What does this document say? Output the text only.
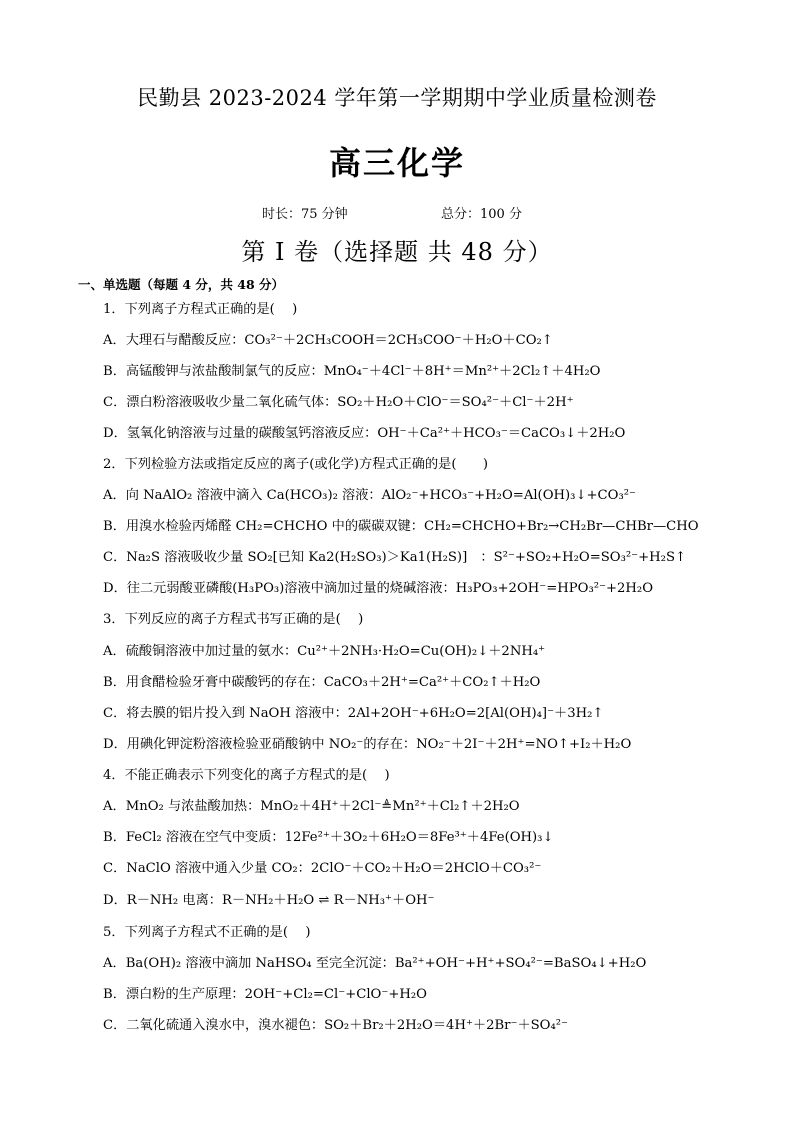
民勤县 2023-2024 学年第一学期期中学业质量检测卷
高三化学
时长：75 分钟	总分：100 分
第 I 卷（选择题 共 48 分）
一、单选题（每题 4 分，共 48 分）
1．下列离子方程式正确的是(　 )
A．大理石与醋酸反应：CO₃²⁻＋2CH₃COOH＝2CH₃COO⁻＋H₂O＋CO₂↑
B．高锰酸钾与浓盐酸制氯气的反应：MnO₄⁻＋4Cl⁻＋8H⁺＝Mn²⁺＋2Cl₂↑＋4H₂O
C．漂白粉溶液吸收少量二氧化硫气体：SO₂＋H₂O＋ClO⁻＝SO₄²⁻＋Cl⁻＋2H⁺
D．氢氧化钠溶液与过量的碳酸氢钙溶液反应：OH⁻＋Ca²⁺＋HCO₃⁻＝CaCO₃↓＋2H₂O
2．下列检验方法或指定反应的离子(或化学)方程式正确的是(　　)
A．向 NaAlO₂ 溶液中滴入 Ca(HCO₃)₂ 溶液：AlO₂⁻+HCO₃⁻+H₂O=Al(OH)₃↓+CO₃²⁻
B．用溴水检验丙烯醛 CH₂=CHCHO 中的碳碳双键：CH₂=CHCHO+Br₂→CH₂Br—CHBr—CHO
C．Na₂S 溶液吸收少量 SO₂[已知 Ka2(H₂SO₃)＞Ka1(H₂S)]　：S²⁻+SO₂+H₂O=SO₃²⁻+H₂S↑
D．往二元弱酸亚磷酸(H₃PO₃)溶液中滴加过量的烧碱溶液：H₃PO₃+2OH⁻=HPO₃²⁻+2H₂O
3．下列反应的离子方程式书写正确的是(　 )
A．硫酸铜溶液中加过量的氨水：Cu²⁺＋2NH₃·H₂O=Cu(OH)₂↓＋2NH₄⁺
B．用食醋检验牙膏中碳酸钙的存在：CaCO₃＋2H⁺=Ca²⁺＋CO₂↑＋H₂O
C．将去膜的铝片投入到 NaOH 溶液中：2Al+2OH⁻+6H₂O=2[Al(OH)₄]⁻＋3H₂↑
D．用碘化钾淀粉溶液检验亚硝酸钠中 NO₂⁻的存在：NO₂⁻＋2I⁻＋2H⁺=NO↑+I₂＋H₂O
4．不能正确表示下列变化的离子方程式的是(　 )
A．MnO₂ 与浓盐酸加热：MnO₂＋4H⁺＋2Cl⁻≜Mn²⁺＋Cl₂↑＋2H₂O
B．FeCl₂ 溶液在空气中变质：12Fe²⁺＋3O₂＋6H₂O＝8Fe³⁺＋4Fe(OH)₃↓
C．NaClO 溶液中通入少量 CO₂：2ClO⁻＋CO₂＋H₂O＝2HClO＋CO₃²⁻
D．R－NH₂ 电离：R－NH₂＋H₂O ⇌ R－NH₃⁺＋OH⁻
5．下列离子方程式不正确的是(　 )
A．Ba(OH)₂ 溶液中滴加 NaHSO₄ 至完全沉淀：Ba²⁺+OH⁻+H⁺+SO₄²⁻=BaSO₄↓+H₂O
B．漂白粉的生产原理：2OH⁻+Cl₂=Cl⁻+ClO⁻+H₂O
C．二氧化硫通入溴水中，溴水褪色：SO₂＋Br₂＋2H₂O＝4H⁺＋2Br⁻＋SO₄²⁻
